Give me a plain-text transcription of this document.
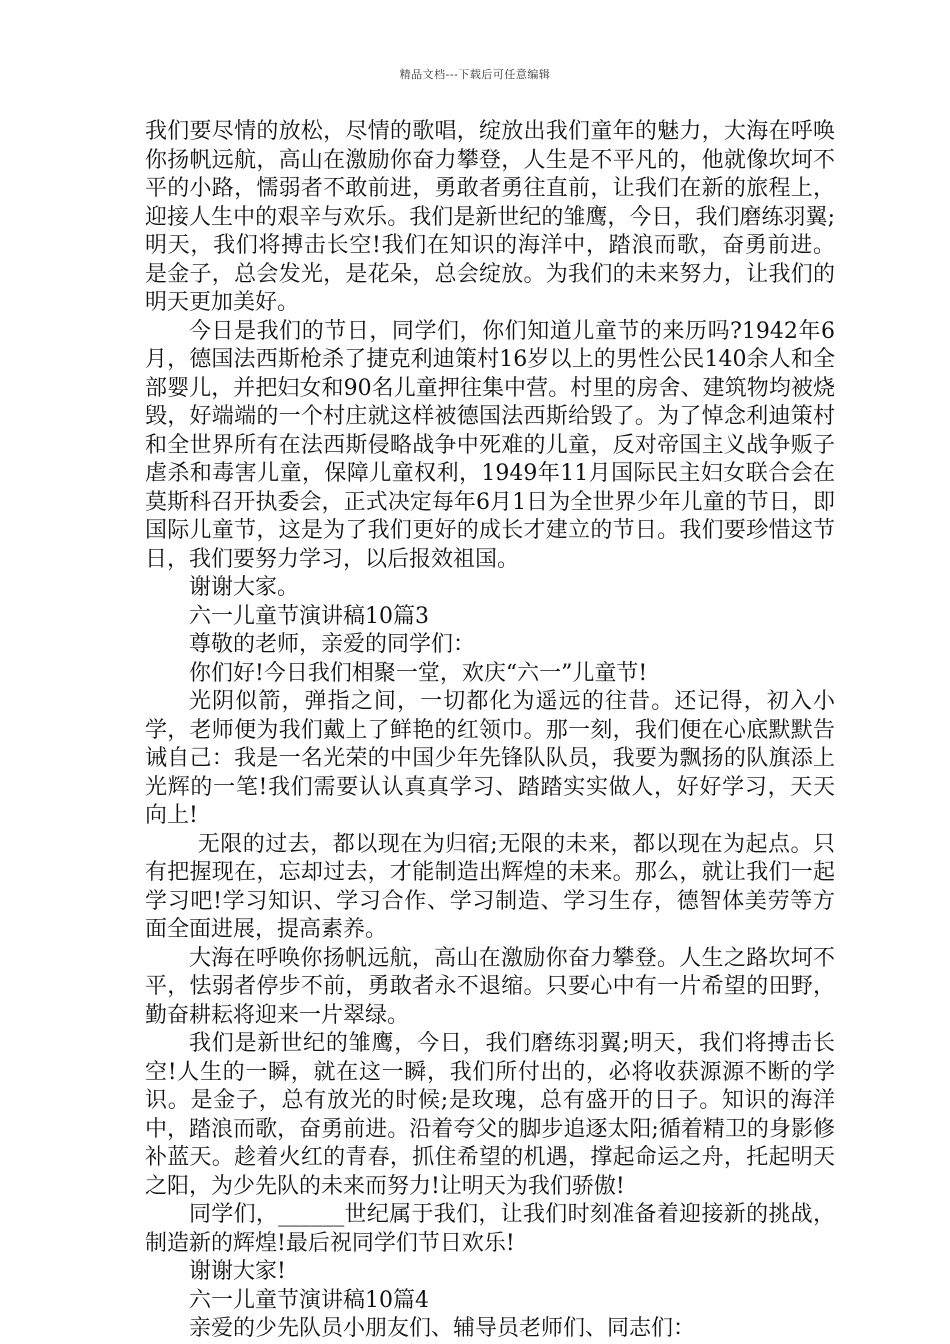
精品文档---下载后可任意编辑

我们要尽情的放松，尽情的歌唱，绽放出我们童年的魅力，大海在呼唤你扬帆远航，高山在激励你奋力攀登，人生是不平凡的，他就像坎坷不平的小路，懦弱者不敢前进，勇敢者勇往直前，让我们在新的旅程上，迎接人生中的艰辛与欢乐。我们是新世纪的雏鹰，今日，我们磨练羽翼;明天，我们将搏击长空!我们在知识的海洋中，踏浪而歌，奋勇前进。是金子，总会发光，是花朵，总会绽放。为我们的未来努力，让我们的明天更加美好。

今日是我们的节日，同学们，你们知道儿童节的来历吗?1942年6月，德国法西斯枪杀了捷克利迪策村16岁以上的男性公民140余人和全部婴儿，并把妇女和90名儿童押往集中营。村里的房舍、建筑物均被烧毁，好端端的一个村庄就这样被德国法西斯给毁了。为了悼念利迪策村和全世界所有在法西斯侵略战争中死难的儿童，反对帝国主义战争贩子虐杀和毒害儿童，保障儿童权利，1949年11月国际民主妇女联合会在莫斯科召开执委会，正式决定每年6月1日为全世界少年儿童的节日，即国际儿童节，这是为了我们更好的成长才建立的节日。我们要珍惜这节日，我们要努力学习，以后报效祖国。

谢谢大家。

六一儿童节演讲稿10篇3

尊敬的老师，亲爱的同学们：

你们好!今日我们相聚一堂，欢庆“六一”儿童节!

光阴似箭，弹指之间，一切都化为遥远的往昔。还记得，初入小学，老师便为我们戴上了鲜艳的红领巾。那一刻，我们便在心底默默告诫自己：我是一名光荣的中国少年先锋队队员，我要为飘扬的队旗添上光辉的一笔!我们需要认认真真学习、踏踏实实做人，好好学习，天天向上!

无限的过去，都以现在为归宿;无限的未来，都以现在为起点。只有把握现在，忘却过去，才能制造出辉煌的未来。那么，就让我们一起学习吧!学习知识、学习合作、学习制造、学习生存，德智体美劳等方面全面进展，提高素养。

大海在呼唤你扬帆远航，高山在激励你奋力攀登。人生之路坎坷不平，怯弱者停步不前，勇敢者永不退缩。只要心中有一片希望的田野，勤奋耕耘将迎来一片翠绿。

我们是新世纪的雏鹰，今日，我们磨练羽翼;明天，我们将搏击长空!人生的一瞬，就在这一瞬，我们所付出的，必将收获源源不断的学识。是金子，总有放光的时候;是玫瑰，总有盛开的日子。知识的海洋中，踏浪而歌，奋勇前进。沿着夸父的脚步追逐太阳;循着精卫的身影修补蓝天。趁着火红的青春，抓住希望的机遇，撑起命运之舟，托起明天之阳，为少先队的未来而努力!让明天为我们骄傲!

同学们，______世纪属于我们，让我们时刻准备着迎接新的挑战，制造新的辉煌!最后祝同学们节日欢乐!

谢谢大家!

六一儿童节演讲稿10篇4

亲爱的少先队员小朋友们、辅导员老师们、同志们：
